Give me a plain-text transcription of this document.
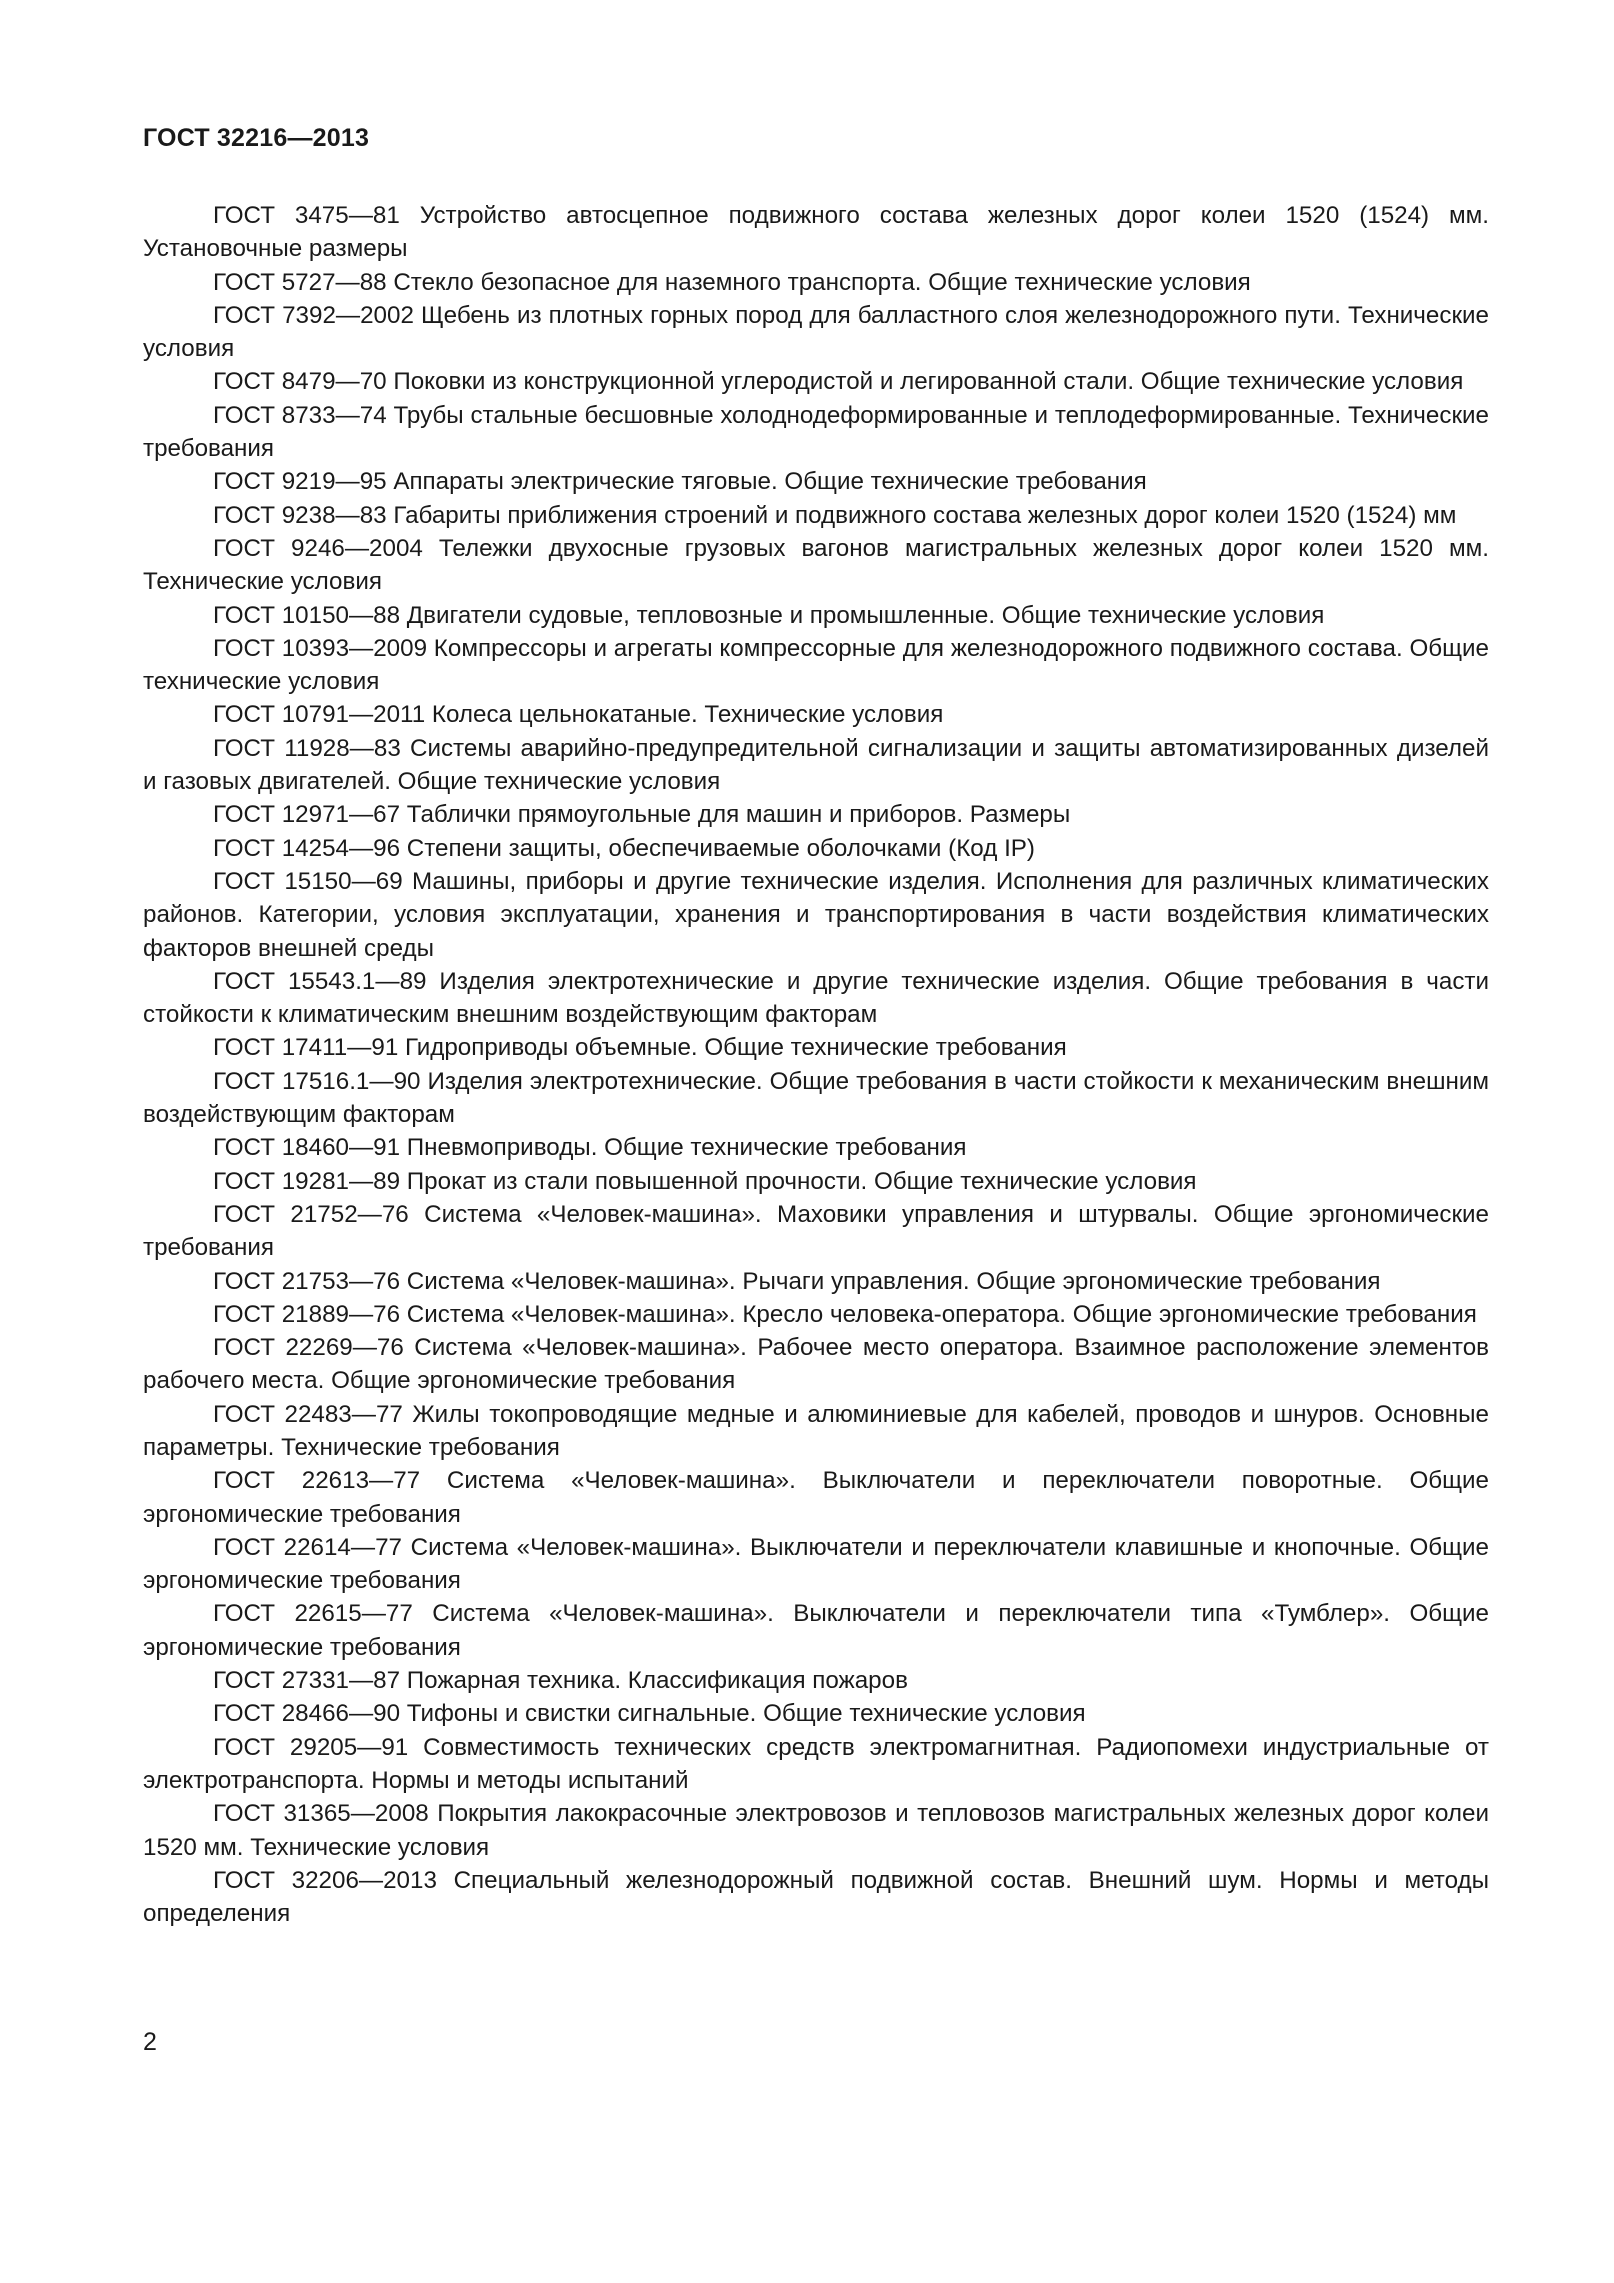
ГОСТ 32216—2013
ГОСТ 3475—81 Устройство автосцепное подвижного состава железных дорог колеи 1520 (1524) мм. Установочные размеры
ГОСТ 5727—88 Стекло безопасное для наземного транспорта. Общие технические условия
ГОСТ 7392—2002 Щебень из плотных горных пород для балластного слоя железнодорожного пути. Технические условия
ГОСТ 8479—70 Поковки из конструкционной углеродистой и легированной стали. Общие технические условия
ГОСТ 8733—74 Трубы стальные бесшовные холоднодеформированные и теплодеформированные. Технические требования
ГОСТ 9219—95 Аппараты электрические тяговые. Общие технические требования
ГОСТ 9238—83 Габариты приближения строений и подвижного состава железных дорог колеи 1520 (1524) мм
ГОСТ 9246—2004 Тележки двухосные грузовых вагонов магистральных железных дорог колеи 1520 мм. Технические условия
ГОСТ 10150—88 Двигатели судовые, тепловозные и промышленные. Общие технические условия
ГОСТ 10393—2009 Компрессоры и агрегаты компрессорные для железнодорожного подвижного состава. Общие технические условия
ГОСТ 10791—2011 Колеса цельнокатаные. Технические условия
ГОСТ 11928—83 Системы аварийно-предупредительной сигнализации и защиты автоматизированных дизелей и газовых двигателей. Общие технические условия
ГОСТ 12971—67 Таблички прямоугольные для машин и приборов. Размеры
ГОСТ 14254—96 Степени защиты, обеспечиваемые оболочками (Код IP)
ГОСТ 15150—69 Машины, приборы и другие технические изделия. Исполнения для различных климатических районов. Категории, условия эксплуатации, хранения и транспортирования в части воздействия климатических факторов внешней среды
ГОСТ 15543.1—89 Изделия электротехнические и другие технические изделия. Общие требования в части стойкости к климатическим внешним воздействующим факторам
ГОСТ 17411—91 Гидроприводы объемные. Общие технические требования
ГОСТ 17516.1—90 Изделия электротехнические. Общие требования в части стойкости к механическим внешним воздействующим факторам
ГОСТ 18460—91 Пневмоприводы. Общие технические требования
ГОСТ 19281—89 Прокат из стали повышенной прочности. Общие технические условия
ГОСТ 21752—76 Система «Человек-машина». Маховики управления и штурвалы. Общие эргономические требования
ГОСТ 21753—76 Система «Человек-машина». Рычаги управления. Общие эргономические требования
ГОСТ 21889—76 Система «Человек-машина». Кресло человека-оператора. Общие эргономические требования
ГОСТ 22269—76 Система «Человек-машина». Рабочее место оператора. Взаимное расположение элементов рабочего места. Общие эргономические требования
ГОСТ 22483—77 Жилы токопроводящие медные и алюминиевые для кабелей, проводов и шнуров. Основные параметры. Технические требования
ГОСТ 22613—77 Система «Человек-машина». Выключатели и переключатели поворотные. Общие эргономические требования
ГОСТ 22614—77 Система «Человек-машина». Выключатели и переключатели клавишные и кнопочные. Общие эргономические требования
ГОСТ 22615—77 Система «Человек-машина». Выключатели и переключатели типа «Тумблер». Общие эргономические требования
ГОСТ 27331—87 Пожарная техника. Классификация пожаров
ГОСТ 28466—90 Тифоны и свистки сигнальные. Общие технические условия
ГОСТ 29205—91 Совместимость технических средств электромагнитная. Радиопомехи индустриальные от электротранспорта. Нормы и методы испытаний
ГОСТ 31365—2008 Покрытия лакокрасочные электровозов и тепловозов магистральных железных дорог колеи 1520 мм. Технические условия
ГОСТ 32206—2013 Специальный железнодорожный подвижной состав. Внешний шум. Нормы и методы определения
2
